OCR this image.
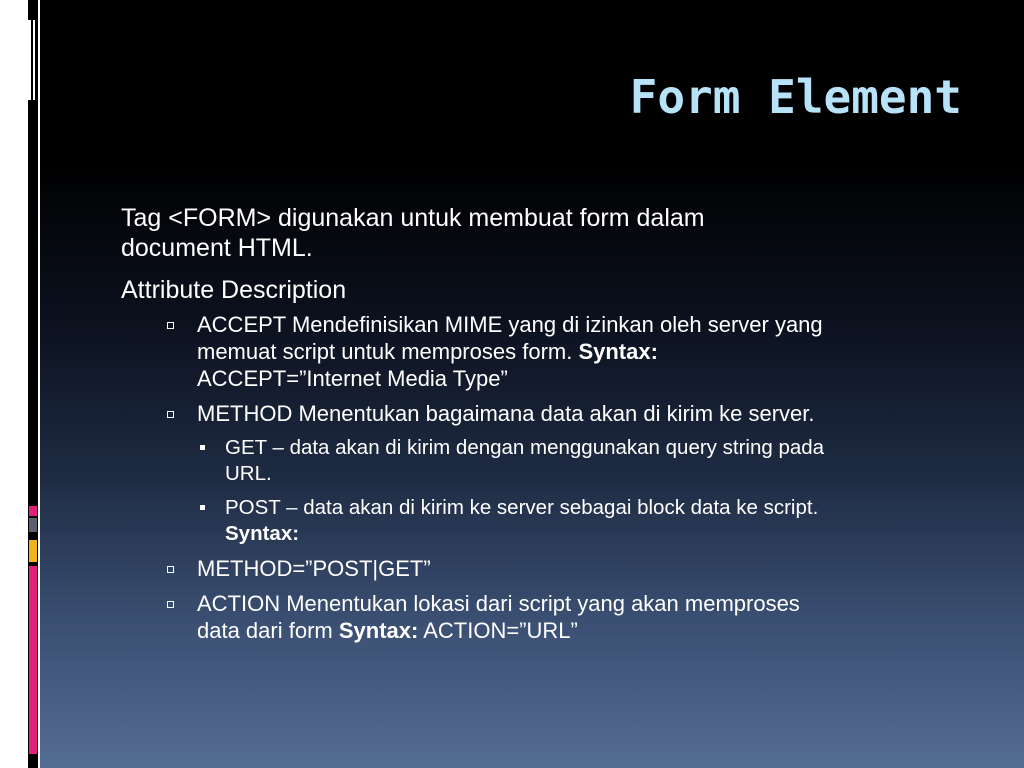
Form Element

Tag <FORM> digunakan untuk membuat form dalam
document HTML.

Attribute Description

ACCEPT Mendefinisikan MIME yang di izinkan oleh server yang
memuat script untuk memproses form. Syntax:
ACCEPT=”Internet Media Type”
METHOD Menentukan bagaimana data akan di kirim ke server.
GET – data akan di kirim dengan menggunakan query string pada
URL.
POST – data akan di kirim ke server sebagai block data ke script.
Syntax:
METHOD=”POST|GET”
ACTION Menentukan lokasi dari script yang akan memproses
data dari form Syntax: ACTION=”URL”
